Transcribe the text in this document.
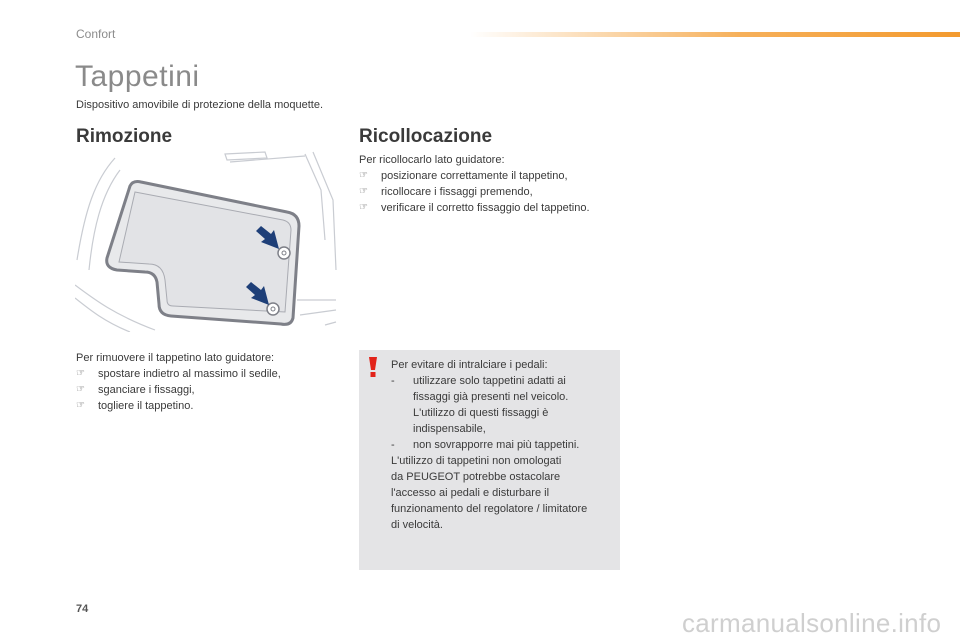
Confort
Tappetini
Dispositivo amovibile di protezione della moquette.
Rimozione	Ricollocazione
Per rimuovere il tappetino lato guidatore:
☞	spostare indietro al massimo il sedile,
☞	sganciare i fissaggi,
☞	togliere il tappetino.
Per ricollocarlo lato guidatore:
☞	posizionare correttamente il tappetino,
☞	ricollocare i fissaggi premendo,
☞	verificare il corretto fissaggio del tappetino.
Per evitare di intralciare i pedali:
-	utilizzare solo tappetini adatti ai
fissaggi già presenti nel veicolo.
L'utilizzo di questi fissaggi è
indispensabile,
-	non sovrapporre mai più tappetini.
L'utilizzo di tappetini non omologati
da PEUGEOT potrebbe ostacolare
l'accesso ai pedali e disturbare il
funzionamento del regolatore / limitatore
di velocità.
74	carmanualsonline.info
